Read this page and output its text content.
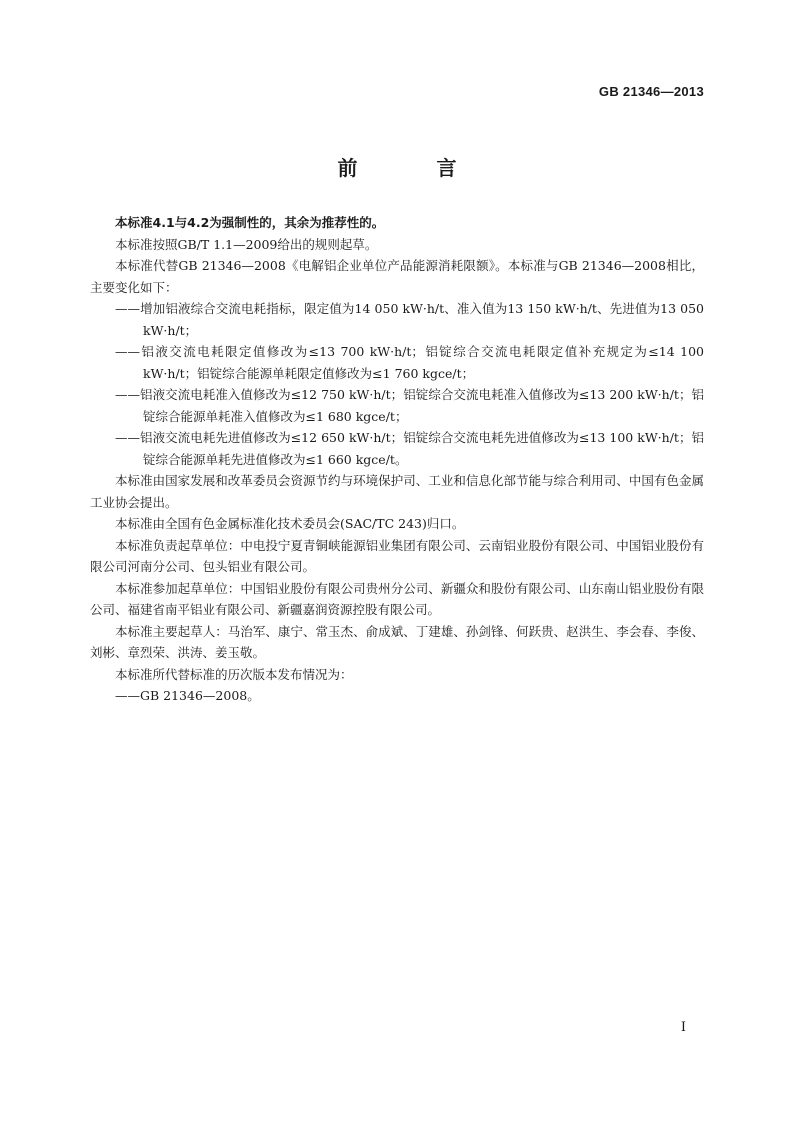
GB 21346—2013
前 言

本标准4.1与4.2为强制性的，其余为推荐性的。

本标准按照GB/T 1.1—2009给出的规则起草。

本标准代替GB 21346—2008《电解铝企业单位产品能源消耗限额》。本标准与GB 21346—2008相比，主要变化如下：

——增加铝液综合交流电耗指标，限定值为14 050 kW·h/t、准入值为13 150 kW·h/t、先进值为13 050 kW·h/t；

——铝液交流电耗限定值修改为≤13 700 kW·h/t；铝锭综合交流电耗限定值补充规定为≤14 100 kW·h/t；铝锭综合能源单耗限定值修改为≤1 760 kgce/t；

——铝液交流电耗准入值修改为≤12 750 kW·h/t；铝锭综合交流电耗准入值修改为≤13 200 kW·h/t；铝锭综合能源单耗准入值修改为≤1 680 kgce/t；

——铝液交流电耗先进值修改为≤12 650 kW·h/t；铝锭综合交流电耗先进值修改为≤13 100 kW·h/t；铝锭综合能源单耗先进值修改为≤1 660 kgce/t。

本标准由国家发展和改革委员会资源节约与环境保护司、工业和信息化部节能与综合利用司、中国有色金属工业协会提出。

本标准由全国有色金属标准化技术委员会(SAC/TC 243)归口。

本标准负责起草单位：中电投宁夏青铜峡能源铝业集团有限公司、云南铝业股份有限公司、中国铝业股份有限公司河南分公司、包头铝业有限公司。

本标准参加起草单位：中国铝业股份有限公司贵州分公司、新疆众和股份有限公司、山东南山铝业股份有限公司、福建省南平铝业有限公司、新疆嘉润资源控股有限公司。

本标准主要起草人：马治军、康宁、常玉杰、俞成斌、丁建雄、孙剑锋、何跃贵、赵洪生、李会春、李俊、刘彬、章烈荣、洪涛、姜玉敬。

本标准所代替标准的历次版本发布情况为：

——GB 21346—2008。

I
